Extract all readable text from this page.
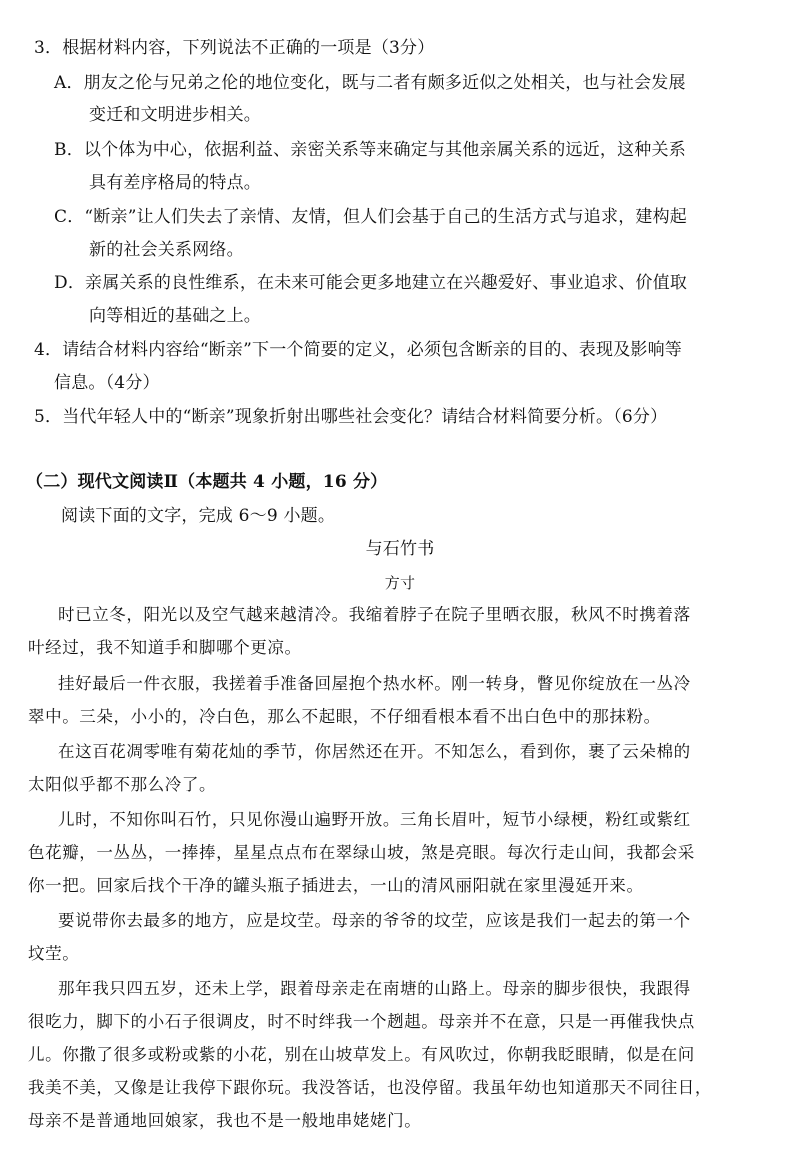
3．根据材料内容，下列说法不正确的一项是（3分）
A．朋友之伦与兄弟之伦的地位变化，既与二者有颇多近似之处相关，也与社会发展
变迁和文明进步相关。
B．以个体为中心，依据利益、亲密关系等来确定与其他亲属关系的远近，这种关系
具有差序格局的特点。
C．“断亲”让人们失去了亲情、友情，但人们会基于自己的生活方式与追求，建构起
新的社会关系网络。
D．亲属关系的良性维系，在未来可能会更多地建立在兴趣爱好、事业追求、价值取
向等相近的基础之上。
4．请结合材料内容给“断亲”下一个简要的定义，必须包含断亲的目的、表现及影响等
信息。（4分）
5．当代年轻人中的“断亲”现象折射出哪些社会变化？请结合材料简要分析。（6分）
（二）现代文阅读Ⅱ（本题共 4 小题，16 分）
阅读下面的文字，完成 6～9 小题。
与石竹书
方寸
时已立冬，阳光以及空气越来越清冷。我缩着脖子在院子里晒衣服，秋风不时携着落
叶经过，我不知道手和脚哪个更凉。
挂好最后一件衣服，我搓着手准备回屋抱个热水杯。刚一转身，瞥见你绽放在一丛冷
翠中。三朵，小小的，冷白色，那么不起眼，不仔细看根本看不出白色中的那抹粉。
在这百花凋零唯有菊花灿的季节，你居然还在开。不知怎么，看到你，裹了云朵棉的
太阳似乎都不那么冷了。
儿时，不知你叫石竹，只见你漫山遍野开放。三角长眉叶，短节小绿梗，粉红或紫红
色花瓣，一丛丛，一捧捧，星星点点布在翠绿山坡，煞是亮眼。每次行走山间，我都会采
你一把。回家后找个干净的罐头瓶子插进去，一山的清风丽阳就在家里漫延开来。
要说带你去最多的地方，应是坟茔。母亲的爷爷的坟茔，应该是我们一起去的第一个
坟茔。
那年我只四五岁，还未上学，跟着母亲走在南塘的山路上。母亲的脚步很快，我跟得
很吃力，脚下的小石子很调皮，时不时绊我一个趔趄。母亲并不在意，只是一再催我快点
儿。你撒了很多或粉或紫的小花，别在山坡草发上。有风吹过，你朝我眨眼睛，似是在问
我美不美，又像是让我停下跟你玩。我没答话，也没停留。我虽年幼也知道那天不同往日，
母亲不是普通地回娘家，我也不是一般地串姥姥门。
